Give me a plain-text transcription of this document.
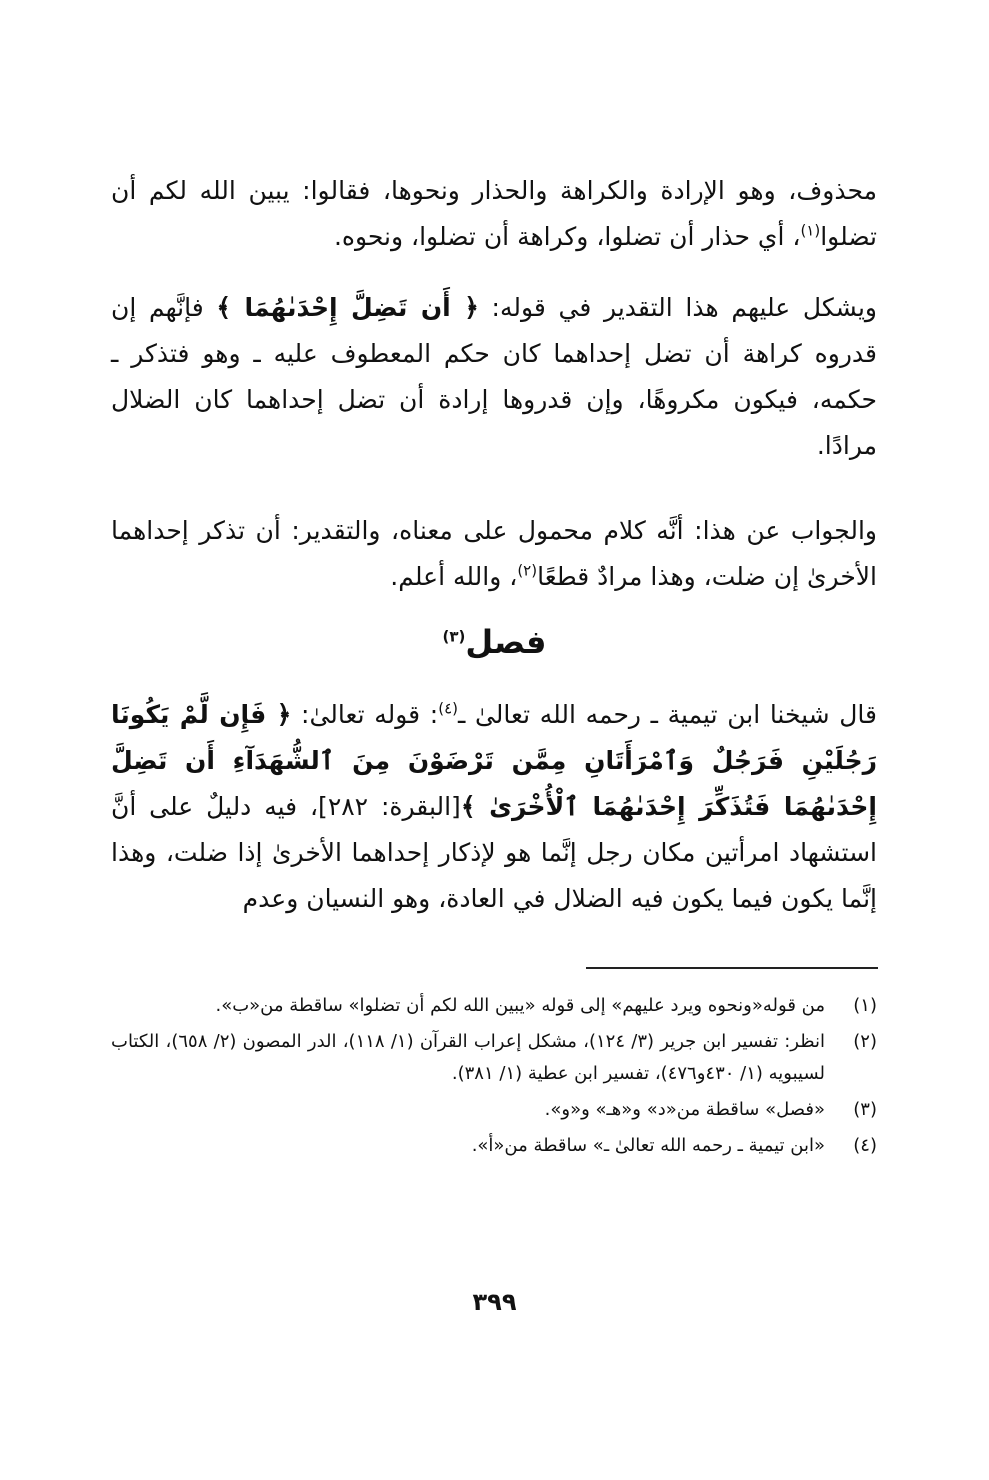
محذوف، وهو الإرادة والكراهة والحذار ونحوها، فقالوا: يبين الله لكم أن تضلوا$^{(١)}$، أي حذار أن تضلوا، وكراهة أن تضلوا، ونحوه.

ويشكل عليهم هذا التقدير في قوله: ﴿ أَن تَضِلَّ إِحْدَىٰهُمَا ﴾ فإنَّهم إن قدروه كراهة أن تضل إحداهما كان حكم المعطوف عليه ـ وهو فتذكر ـ حكمه، فيكون مكروهًا، وإن قدروها إرادة أن تضل إحداهما كان الضلال مرادًا.

والجواب عن هذا: أنَّه كلام محمول على معناه، والتقدير: أن تذكر إحداهما الأخرىٰ إن ضلت، وهذا مرادٌ قطعًا$^{(٢)}$، والله أعلم.

فصل$^{(٣)}$

قال شيخنا ابن تيمية ـ رحمه الله تعالىٰ ـ$^{(٤)}$: قوله تعالىٰ: ﴿ فَإِن لَّمْ يَكُونَا رَجُلَيْنِ فَرَجُلٌ وَٱمْرَأَتَانِ مِمَّن تَرْضَوْنَ مِنَ ٱلشُّهَدَآءِ أَن تَضِلَّ إِحْدَىٰهُمَا فَتُذَكِّرَ إِحْدَىٰهُمَا ٱلْأُخْرَىٰ ﴾[البقرة: ٢٨٢]، فيه دليلٌ على أنَّ استشهاد امرأتين مكان رجل إنَّما هو لإذكار إحداهما الأخرىٰ إذا ضلت، وهذا إنَّما يكون فيما يكون فيه الضلال في العادة، وهو النسيان وعدم

(١)
من قوله«ونحوه ويرد عليهم» إلى قوله «يبين الله لكم أن تضلوا» ساقطة من«ب».
(٢)
انظر: تفسير ابن جرير (٣/ ١٢٤)، مشكل إعراب القرآن (١/ ١١٨)، الدر المصون (٢/ ٦٥٨)، الكتاب لسيبويه (١/ ٤٣٠و٤٧٦)، تفسير ابن عطية (١/ ٣٨١).
(٣)
«فصل» ساقطة من«د» و«هـ» و«و».
(٤)
«ابن تيمية ـ رحمه الله تعالىٰ ـ» ساقطة من«أ».
٣٩٩
